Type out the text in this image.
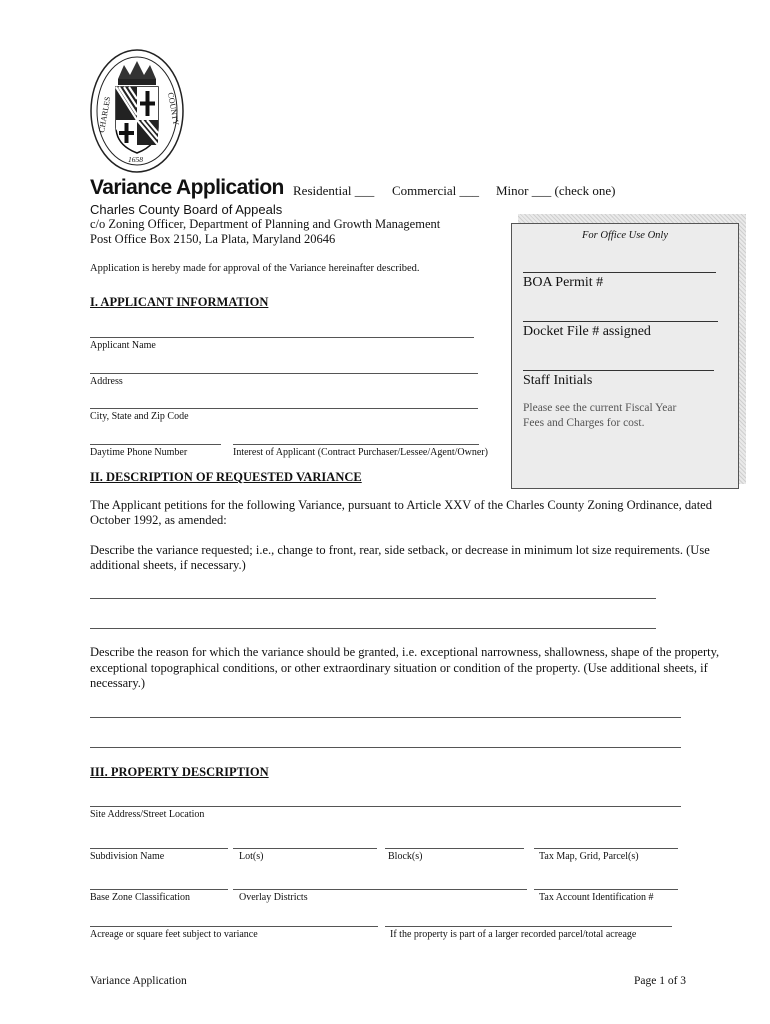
CHARLES	COUNTY
1658
Variance Application Residential ___ Commercial ___ Minor ___ (check one)
Charles County Board of Appeals
c/o Zoning Officer, Department of Planning and Growth Management
Post Office Box 2150, La Plata, Maryland 20646
Application is hereby made for approval of the Variance hereinafter described.
For Office Use Only
BOA Permit #
Docket File # assigned
Staff Initials
Please see the current Fiscal Year
Fees and Charges for cost.
I. APPLICANT INFORMATION
Applicant Name
Address
City, State and Zip Code
Daytime Phone Number	Interest of Applicant (Contract Purchaser/Lessee/Agent/Owner)
II. DESCRIPTION OF REQUESTED VARIANCE
The Applicant petitions for the following Variance, pursuant to Article XXV of the Charles County Zoning Ordinance, dated
October 1992, as amended:
Describe the variance requested; i.e., change to front, rear, side setback, or decrease in minimum lot size requirements. (Use
additional sheets, if necessary.)
Describe the reason for which the variance should be granted, i.e. exceptional narrowness, shallowness, shape of the property,
exceptional topographical conditions, or other extraordinary situation or condition of the property. (Use additional sheets, if
necessary.)
III. PROPERTY DESCRIPTION
Site Address/Street Location
Subdivision Name	Lot(s)	Block(s)	Tax Map, Grid, Parcel(s)
Base Zone Classification	Overlay Districts	Tax Account Identification #
Acreage or square feet subject to variance	If the property is part of a larger recorded parcel/total acreage
Variance Application	Page 1 of 3
